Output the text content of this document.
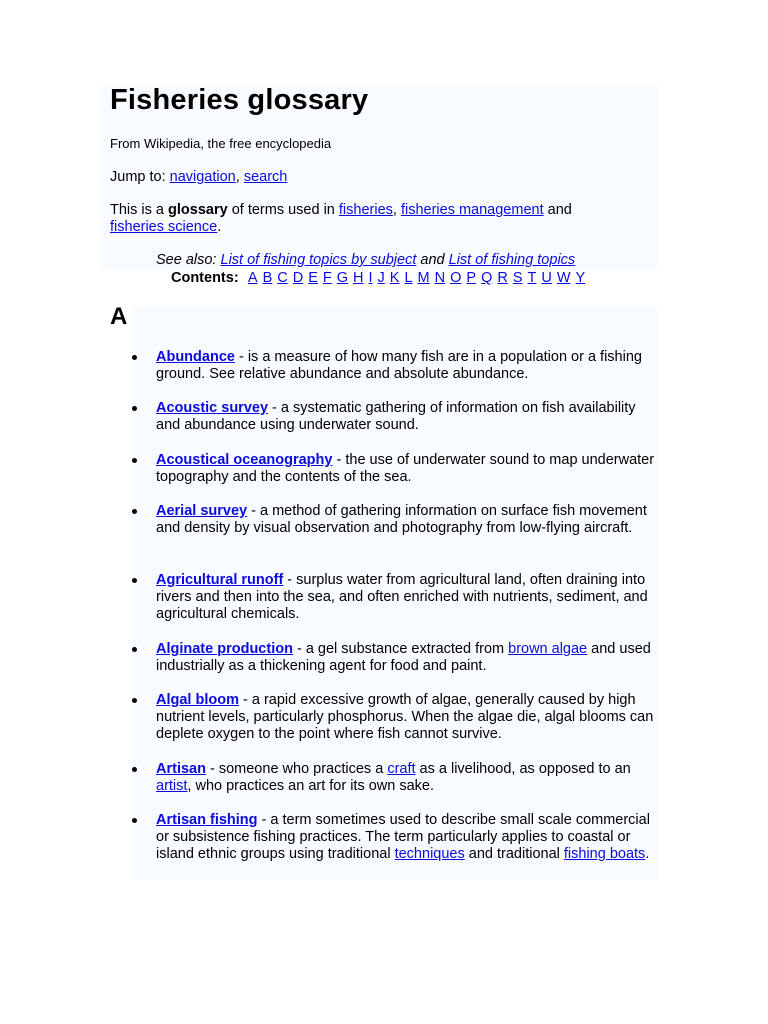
Fisheries glossary
From Wikipedia, the free encyclopedia
Jump to: navigation, search
This is a glossary of terms used in fisheries, fisheries management and
fisheries science.
See also: List of fishing topics by subject and List of fishing topics
Contents: A B C D E F G H I J K L M N O P Q R S T U W Y
A
Abundance - is a measure of how many fish are in a population or a fishing ground. See relative abundance and absolute abundance.
Acoustic survey - a systematic gathering of information on fish availability and abundance using underwater sound.
Acoustical oceanography - the use of underwater sound to map underwater topography and the contents of the sea.
Aerial survey - a method of gathering information on surface fish movement and density by visual observation and photography from low-flying aircraft.
Agricultural runoff - surplus water from agricultural land, often draining into rivers and then into the sea, and often enriched with nutrients, sediment, and agricultural chemicals.
Alginate production - a gel substance extracted from brown algae and used industrially as a thickening agent for food and paint.
Algal bloom - a rapid excessive growth of algae, generally caused by high nutrient levels, particularly phosphorus. When the algae die, algal blooms can deplete oxygen to the point where fish cannot survive.
Artisan - someone who practices a craft as a livelihood, as opposed to an artist, who practices an art for its own sake.
Artisan fishing - a term sometimes used to describe small scale commercial or subsistence fishing practices. The term particularly applies to coastal or island ethnic groups using traditional techniques and traditional fishing boats.
